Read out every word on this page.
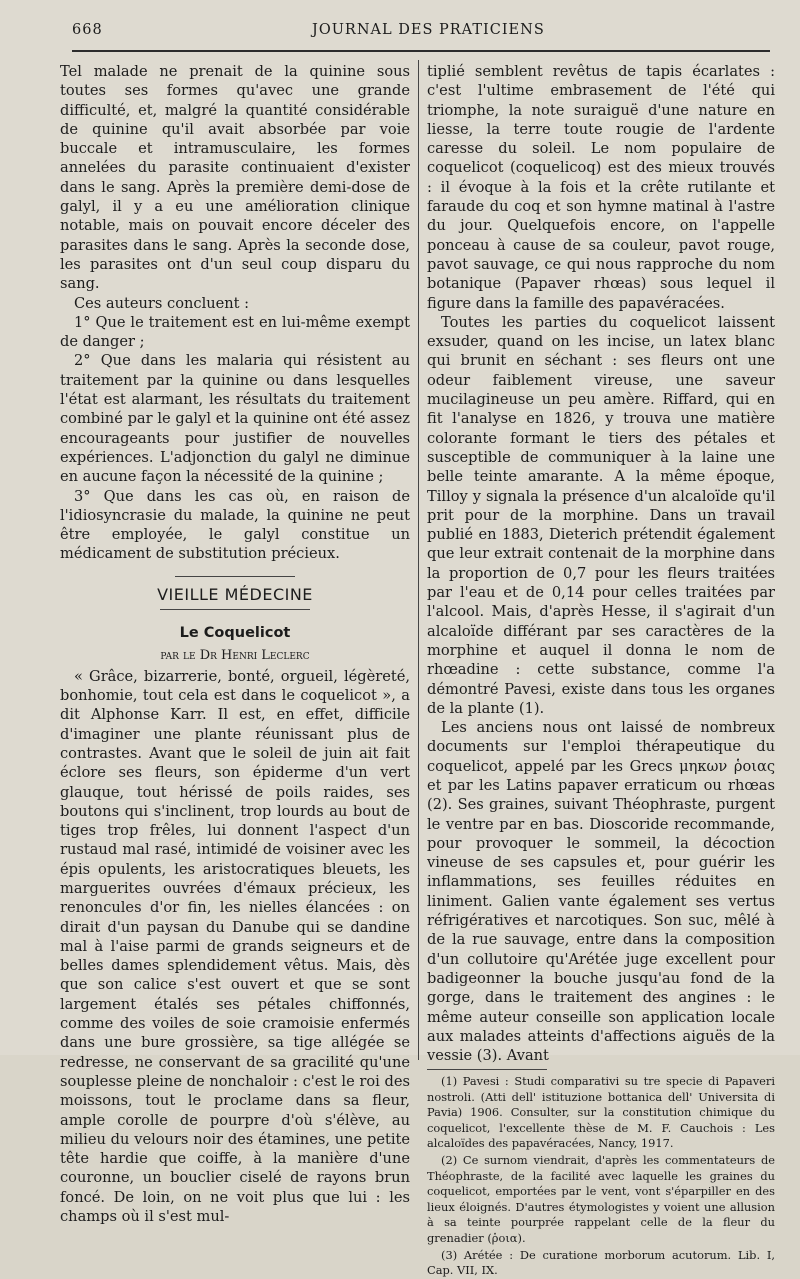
668	JOURNAL DES PRATICIENS

Tel malade ne prenait de la quinine sous toutes ses formes qu'avec une grande difficulté, et, malgré la quantité considérable de quinine qu'il avait absorbée par voie buccale et intramusculaire, les formes annelées du parasite continuaient d'exister dans le sang. Après la première demi-dose de galyl, il y a eu une amélioration clinique notable, mais on pouvait encore déceler des parasites dans le sang. Après la seconde dose, les parasites ont d'un seul coup disparu du sang.

Ces auteurs concluent :

1° Que le traitement est en lui-même exempt de danger ;

2° Que dans les malaria qui résistent au traitement par la quinine ou dans lesquelles l'état est alarmant, les résultats du traitement combiné par le galyl et la quinine ont été assez encourageants pour justifier de nouvelles expériences. L'adjonction du galyl ne diminue en aucune façon la nécessité de la quinine ;

3° Que dans les cas où, en raison de l'idiosyncrasie du malade, la quinine ne peut être employée, le galyl constitue un médicament de substitution précieux.

VIEILLE MÉDECINE
Le Coquelicot
par le Dr Henri Leclerc

« Grâce, bizarrerie, bonté, orgueil, légèreté, bonhomie, tout cela est dans le coquelicot », a dit Alphonse Karr. Il est, en effet, difficile d'imaginer une plante réunissant plus de contrastes. Avant que le soleil de juin ait fait éclore ses fleurs, son épiderme d'un vert glauque, tout hérissé de poils raides, ses boutons qui s'inclinent, trop lourds au bout de tiges trop frêles, lui donnent l'aspect d'un rustaud mal rasé, intimidé de voisiner avec les épis opulents, les aristocratiques bleuets, les marguerites ouvrées d'émaux précieux, les renoncules d'or fin, les nielles élancées : on dirait d'un paysan du Danube qui se dandine mal à l'aise parmi de grands seigneurs et de belles dames splendidement vêtus. Mais, dès que son calice s'est ouvert et que se sont largement étalés ses pétales chiffonnés, comme des voiles de soie cramoisie enfermés dans une bure grossière, sa tige allégée se redresse, ne conservant de sa gracilité qu'une souplesse pleine de nonchaloir : c'est le roi des moissons, tout le proclame dans sa fleur, ample corolle de pourpre d'où s'élève, au milieu du velours noir des étamines, une petite tête hardie que coiffe, à la manière d'une couronne, un bouclier ciselé de rayons brun foncé. De loin, on ne voit plus que lui : les champs où il s'est mul-

tiplié semblent revêtus de tapis écarlates : c'est l'ultime embrasement de l'été qui triomphe, la note suraiguë d'une nature en liesse, la terre toute rougie de l'ardente caresse du soleil. Le nom populaire de coquelicot (coquelicoq) est des mieux trouvés : il évoque à la fois et la crête rutilante et faraude du coq et son hymne matinal à l'astre du jour. Quelquefois encore, on l'appelle ponceau à cause de sa couleur, pavot rouge, pavot sauvage, ce qui nous rapproche du nom botanique (Papaver rhœas) sous lequel il figure dans la famille des papavéracées.

Toutes les parties du coquelicot laissent exsuder, quand on les incise, un latex blanc qui brunit en séchant : ses fleurs ont une odeur faiblement vireuse, une saveur mucilagineuse un peu amère. Riffard, qui en fit l'analyse en 1826, y trouva une matière colorante formant le tiers des pétales et susceptible de communiquer à la laine une belle teinte amarante. A la même époque, Tilloy y signala la présence d'un alcaloïde qu'il prit pour de la morphine. Dans un travail publié en 1883, Dieterich prétendit également que leur extrait contenait de la morphine dans la proportion de 0,7 pour les fleurs traitées par l'eau et de 0,14 pour celles traitées par l'alcool. Mais, d'après Hesse, il s'agirait d'un alcaloïde différant par ses caractères de la morphine et auquel il donna le nom de rhœadine : cette substance, comme l'a démontré Pavesi, existe dans tous les organes de la plante (1).

Les anciens nous ont laissé de nombreux documents sur l'emploi thérapeutique du coquelicot, appelé par les Grecs μηκων ῥοιας et par les Latins papaver erraticum ou rhœas (2). Ses graines, suivant Théophraste, purgent le ventre par en bas. Dioscoride recommande, pour provoquer le sommeil, la décoction vineuse de ses capsules et, pour guérir les inflammations, ses feuilles réduites en liniment. Galien vante également ses vertus réfrigératives et narcotiques. Son suc, mêlé à de la rue sauvage, entre dans la composition d'un collutoire qu'Arétée juge excellent pour badigeonner la bouche jusqu'au fond de la gorge, dans le traitement des angines : le même auteur conseille son application locale aux malades atteints d'affections aiguës de la vessie (3). Avant

(1) Pavesi : Studi comparativi su tre specie di Papaveri nostroli. (Atti dell' istituzione bottanica dell' Universita di Pavia) 1906. Consulter, sur la constitution chimique du coquelicot, l'excellente thèse de M. F. Cauchois : Les alcaloïdes des papavéracées, Nancy, 1917.

(2) Ce surnom viendrait, d'après les commentateurs de Théophraste, de la facilité avec laquelle les graines du coquelicot, emportées par le vent, vont s'éparpiller en des lieux éloignés. D'autres étymologistes y voient une allusion à sa teinte pourprée rappelant celle de la fleur du grenadier (ῥοια).

(3) Arétée : De curatione morborum acutorum. Lib. I, Cap. VII, IX.
